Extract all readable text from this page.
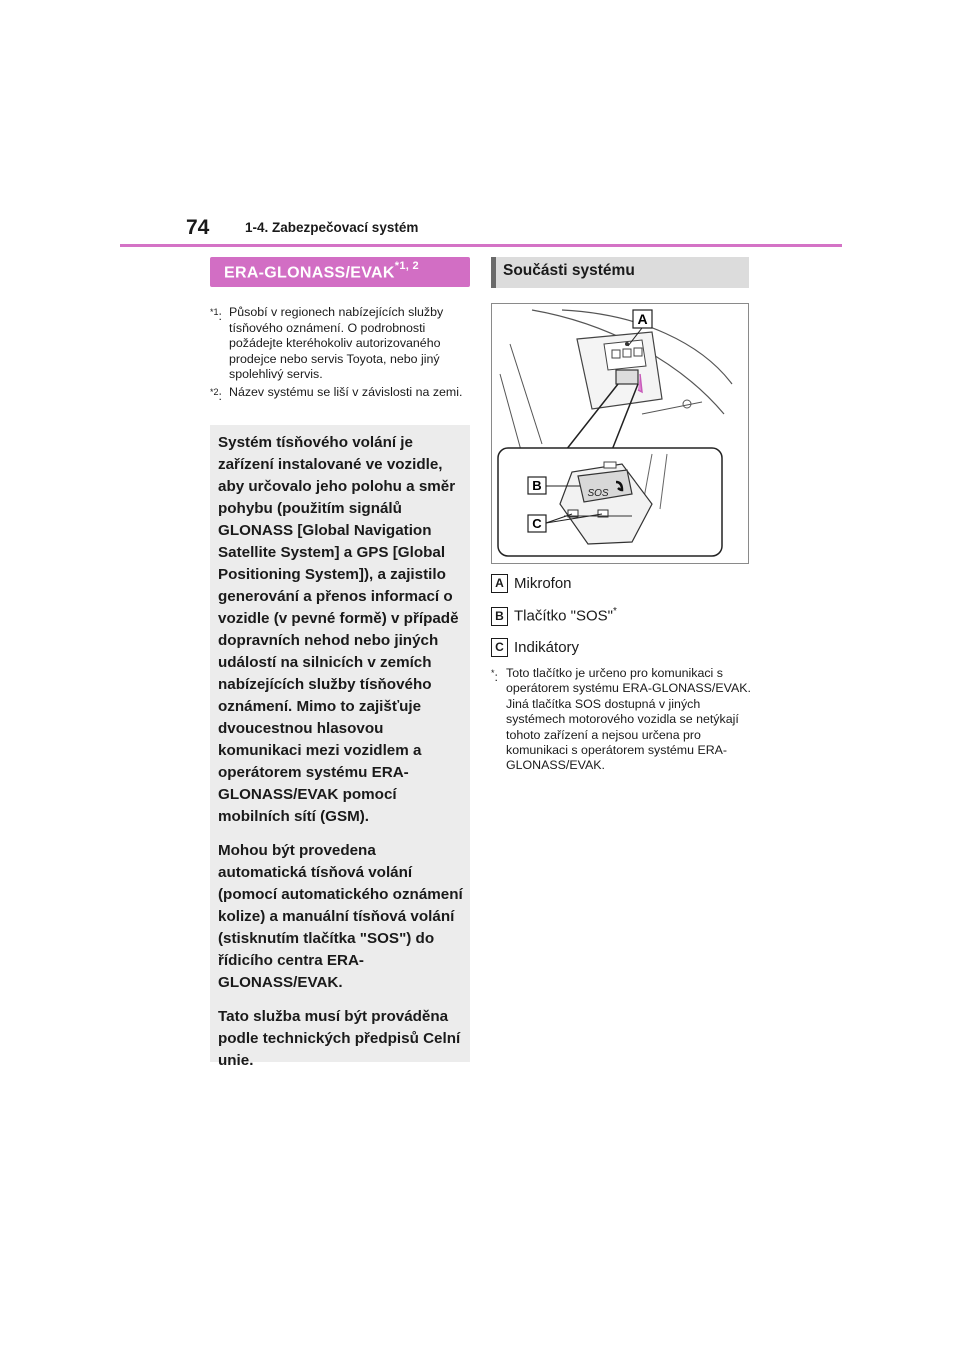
74	1-4. Zabezpečovací systém
ERA-GLONASS/EVAK$^{*1, 2}$
$^{*1}$: Působí v regionech nabízejících služby tísňového oznámení. O podrobnosti požádejte kteréhokoliv autorizovaného prodejce nebo servis Toyota, nebo jiný spolehlivý servis.
$^{*2}$: Název systému se liší v závislosti na zemi.

Systém tísňového volání je zařízení instalované ve vozidle, aby určovalo jeho polohu a směr pohybu (použitím signálů GLONASS [Global Navigation Satellite System] a GPS [Global Positioning System]), a zajistilo generování a přenos informací o vozidle (v pevné formě) v případě dopravních nehod nebo jiných událostí na silnicích v zemích nabízejících služby tísňového oznámení. Mimo to zajišťuje dvoucestnou hlasovou komunikaci mezi vozidlem a operátorem systému ERA-GLONASS/EVAK pomocí mobilních sítí (GSM).

Mohou být provedena automatická tísňová volání (pomocí automatického oznámení kolize) a manuální tísňová volání (stisknutím tlačítka "SOS") do řídicího centra ERA-GLONASS/EVAK.

Tato služba musí být prováděna podle technických předpisů Celní unie.

Součásti systému
A
SOS
B
C
A Mikrofon
B Tlačítko "SOS"*
C Indikátory
*: Toto tlačítko je určeno pro komunikaci s operátorem systému ERA-GLONASS/EVAK.
Jiná tlačítka SOS dostupná v jiných systémech motorového vozidla se netýkají tohoto zařízení a nejsou určena pro komunikaci s operátorem systému ERA-GLONASS/EVAK.
